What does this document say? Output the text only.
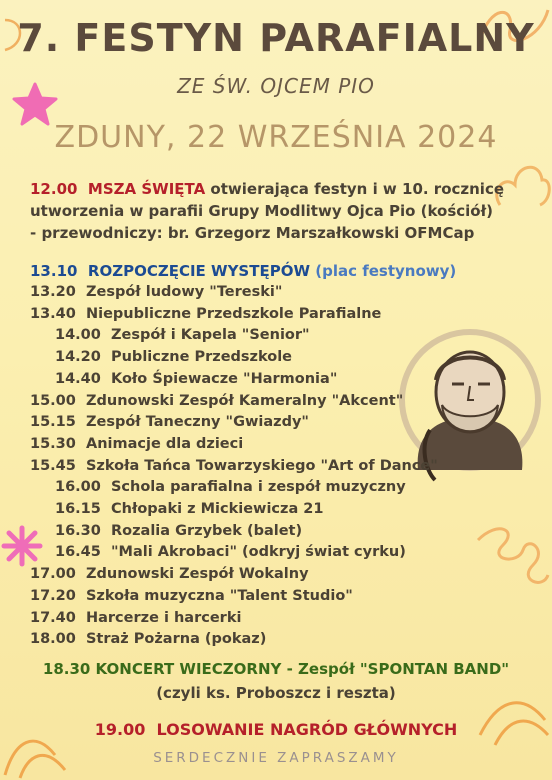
7. FESTYN PARAFIALNY
ZE ŚW. OJCEM PIO
ZDUNY, 22 WRZEŚNIA 2024
12.00 MSZA ŚWIĘTA otwierająca festyn i w 10. rocznicę
utworzenia w parafii Grupy Modlitwy Ojca Pio (kościół)
- przewodniczy: br. Grzegorz Marszałkowski OFMCap
13.10 ROZPOCZĘCIE WYSTĘPÓW (plac festynowy)
13.20 Zespół ludowy "Tereski"
13.40 Niepubliczne Przedszkole Parafialne
14.00 Zespół i Kapela "Senior"
14.20 Publiczne Przedszkole
14.40 Koło Śpiewacze "Harmonia"
15.00 Zdunowski Zespół Kameralny "Akcent"
15.15 Zespół Taneczny "Gwiazdy"
15.30 Animacje dla dzieci
15.45 Szkoła Tańca Towarzyskiego "Art of Dance"
16.00 Schola parafialna i zespół muzyczny
16.15 Chłopaki z Mickiewicza 21
16.30 Rozalia Grzybek (balet)
16.45 "Mali Akrobaci" (odkryj świat cyrku)
17.00 Zdunowski Zespół Wokalny
17.20 Szkoła muzyczna "Talent Studio"
17.40 Harcerze i harcerki
18.00 Straż Pożarna (pokaz)
18.30 KONCERT WIECZORNY - Zespół "SPONTAN BAND"
(czyli ks. Proboszcz i reszta)
19.00 LOSOWANIE NAGRÓD GŁÓWNYCH
SERDECZNIE ZAPRASZAMY
